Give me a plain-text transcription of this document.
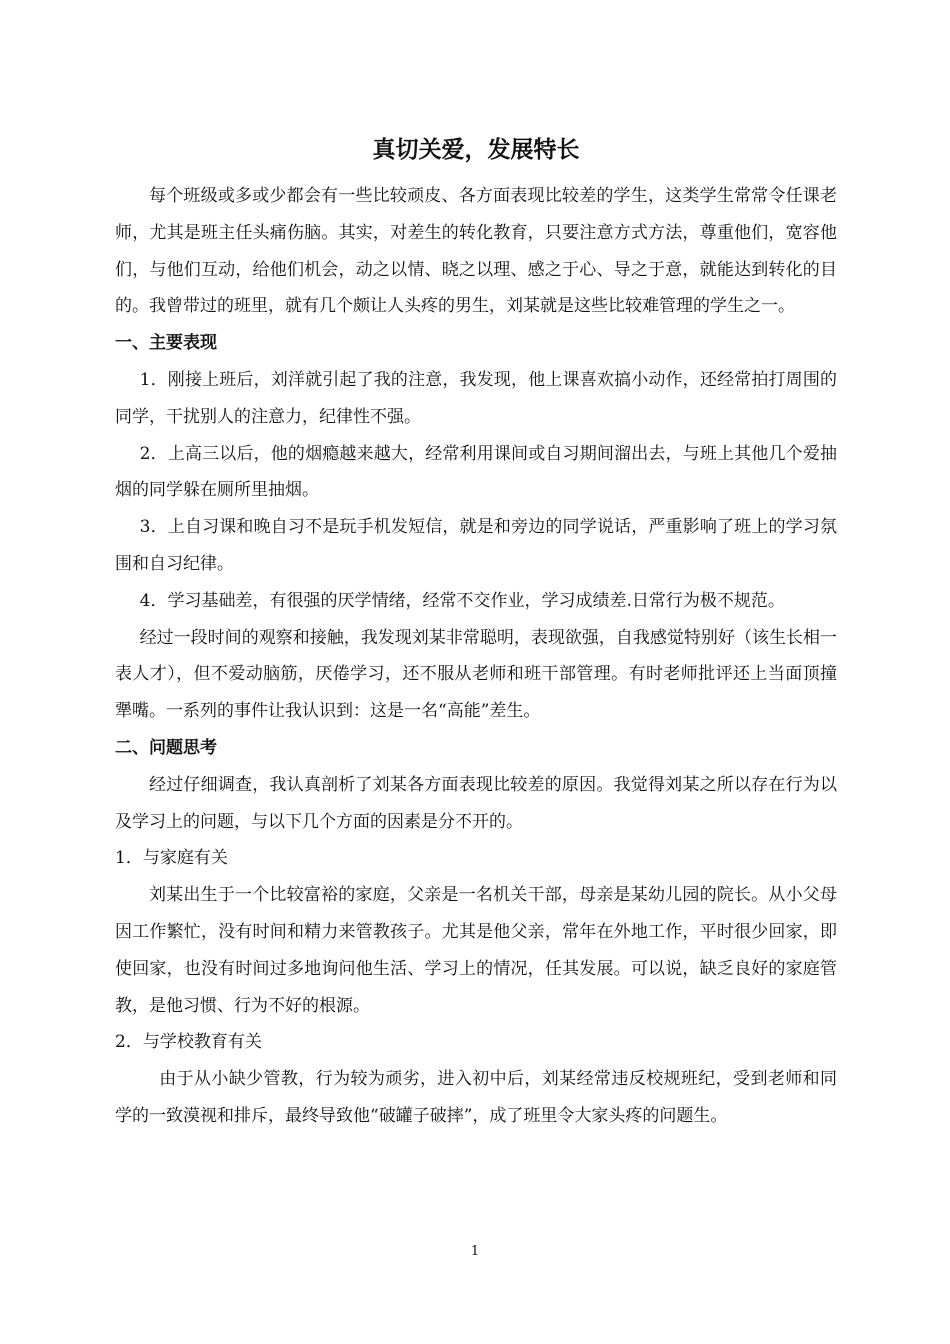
真切关爱，发展特长

每个班级或多或少都会有一些比较顽皮、各方面表现比较差的学生，这类学生常常令任课老师，尤其是班主任头痛伤脑。其实，对差生的转化教育，只要注意方式方法，尊重他们，宽容他们，与他们互动，给他们机会，动之以情、晓之以理、感之于心、导之于意，就能达到转化的目的。我曾带过的班里，就有几个颇让人头疼的男生，刘某就是这些比较难管理的学生之一。

一、主要表现

1．刚接上班后，刘洋就引起了我的注意，我发现，他上课喜欢搞小动作，还经常拍打周围的同学，干扰别人的注意力，纪律性不强。

2．上高三以后，他的烟瘾越来越大，经常利用课间或自习期间溜出去，与班上其他几个爱抽烟的同学躲在厕所里抽烟。

3．上自习课和晚自习不是玩手机发短信，就是和旁边的同学说话，严重影响了班上的学习氛围和自习纪律。

4．学习基础差，有很强的厌学情绪，经常不交作业，学习成绩差.日常行为极不规范。

经过一段时间的观察和接触，我发现刘某非常聪明，表现欲强，自我感觉特别好（该生长相一表人才），但不爱动脑筋，厌倦学习，还不服从老师和班干部管理。有时老师批评还上当面顶撞犟嘴。一系列的事件让我认识到：这是一名“高能”差生。

二、问题思考

经过仔细调查，我认真剖析了刘某各方面表现比较差的原因。我觉得刘某之所以存在行为以及学习上的问题，与以下几个方面的因素是分不开的。

1．与家庭有关

刘某出生于一个比较富裕的家庭，父亲是一名机关干部，母亲是某幼儿园的院长。从小父母因工作繁忙，没有时间和精力来管教孩子。尤其是他父亲，常年在外地工作，平时很少回家，即使回家，也没有时间过多地询问他生活、学习上的情况，任其发展。可以说，缺乏良好的家庭管教，是他习惯、行为不好的根源。

2．与学校教育有关

由于从小缺少管教，行为较为顽劣，进入初中后，刘某经常违反校规班纪，受到老师和同学的一致漠视和排斥，最终导致他“破罐子破摔”，成了班里令大家头疼的问题生。

1
